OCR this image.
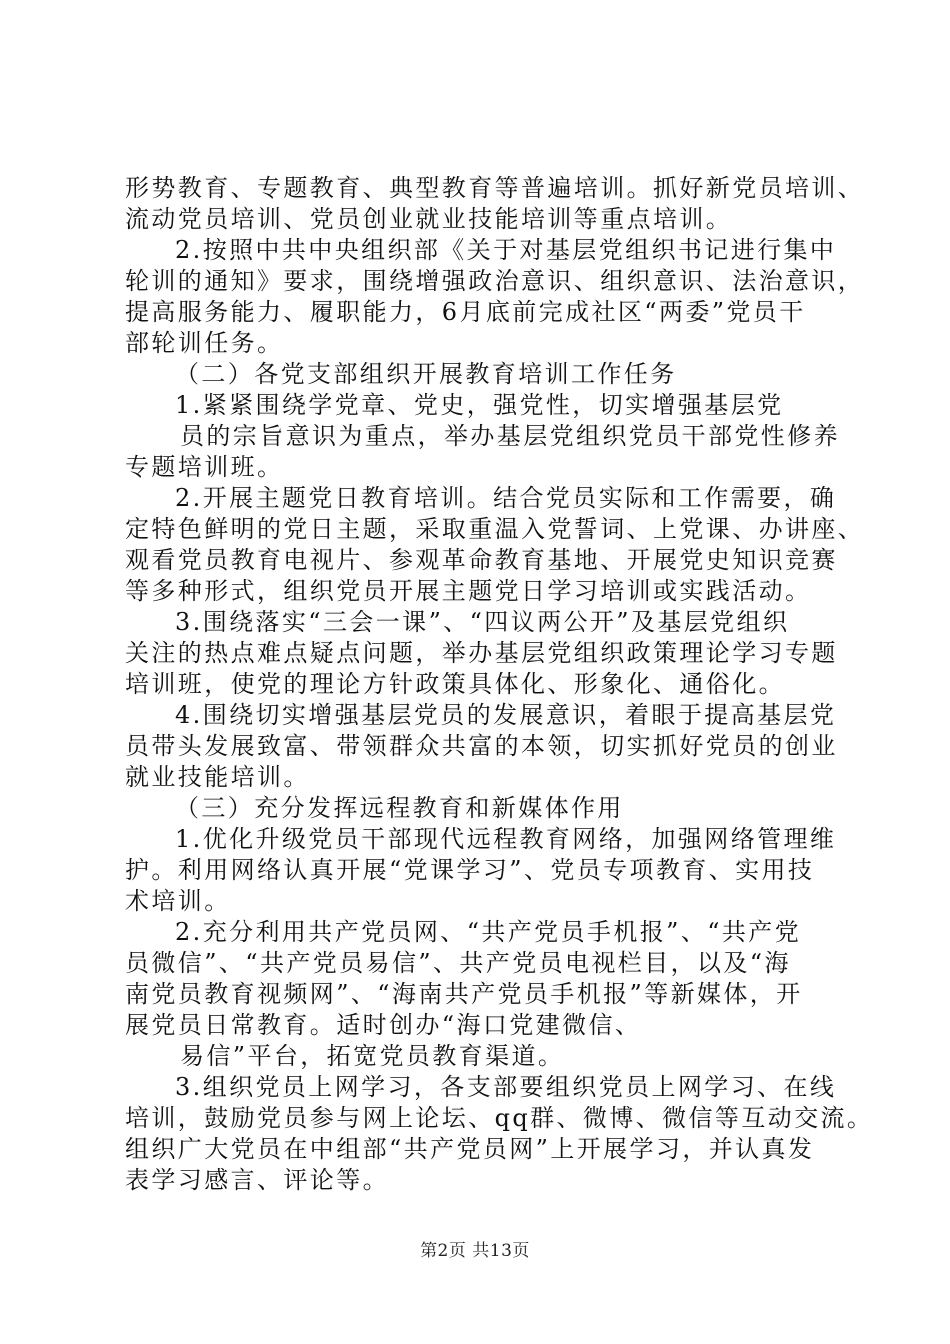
形势教育、专题教育、典型教育等普遍培训。抓好新党员培训、
流动党员培训、党员创业就业技能培训等重点培训。
2.按照中共中央组织部《关于对基层党组织书记进行集中
轮训的通知》要求，围绕增强政治意识、组织意识、法治意识，
提高服务能力、履职能力，6月底前完成社区“两委”党员干
部轮训任务。
（二）各党支部组织开展教育培训工作任务
1.紧紧围绕学党章、党史，强党性，切实增强基层党
员的宗旨意识为重点，举办基层党组织党员干部党性修养
专题培训班。
2.开展主题党日教育培训。结合党员实际和工作需要，确
定特色鲜明的党日主题，采取重温入党誓词、上党课、办讲座、
观看党员教育电视片、参观革命教育基地、开展党史知识竞赛
等多种形式，组织党员开展主题党日学习培训或实践活动。
3.围绕落实“三会一课”、“四议两公开”及基层党组织
关注的热点难点疑点问题，举办基层党组织政策理论学习专题
培训班，使党的理论方针政策具体化、形象化、通俗化。
4.围绕切实增强基层党员的发展意识，着眼于提高基层党
员带头发展致富、带领群众共富的本领，切实抓好党员的创业
就业技能培训。
（三）充分发挥远程教育和新媒体作用
1.优化升级党员干部现代远程教育网络，加强网络管理维
护。利用网络认真开展“党课学习”、党员专项教育、实用技
术培训。
2.充分利用共产党员网、“共产党员手机报”、“共产党
员微信”、“共产党员易信”、共产党员电视栏目，以及“海
南党员教育视频网”、“海南共产党员手机报”等新媒体，开
展党员日常教育。适时创办“海口党建微信、
易信”平台，拓宽党员教育渠道。
3.组织党员上网学习，各支部要组织党员上网学习、在线
培训，鼓励党员参与网上论坛、qq群、微博、微信等互动交流。
组织广大党员在中组部“共产党员网”上开展学习，并认真发
表学习感言、评论等。
第2页 共13页
